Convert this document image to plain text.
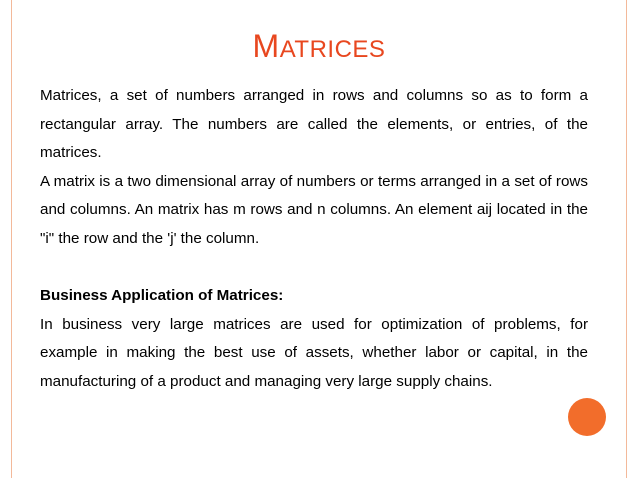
MATRICES

Matrices, a set of numbers arranged in rows and columns so as to form a rectangular array. The numbers are called the elements, or entries, of the matrices.

A matrix is a two dimensional array of numbers or terms arranged in a set of rows and columns. An matrix has m rows and n columns. An element aij located in the "i" the row and the 'j' the column.

Business Application of Matrices:

In business very large matrices are used for optimization of problems, for example in making the best use of assets, whether labor or capital, in the manufacturing of a product and managing very large supply chains.
